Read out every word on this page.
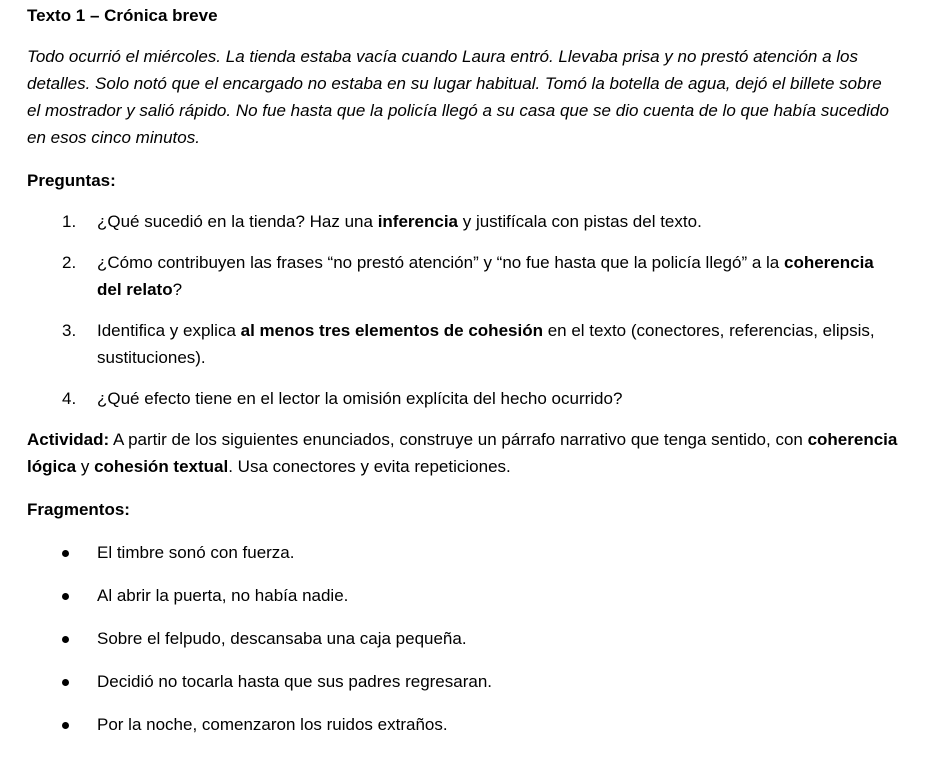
Texto 1 – Crónica breve

Todo ocurrió el miércoles. La tienda estaba vacía cuando Laura entró. Llevaba prisa y no prestó atención a los detalles. Solo notó que el encargado no estaba en su lugar habitual. Tomó la botella de agua, dejó el billete sobre el mostrador y salió rápido. No fue hasta que la policía llegó a su casa que se dio cuenta de lo que había sucedido en esos cinco minutos.

Preguntas:

1. ¿Qué sucedió en la tienda? Haz una inferencia y justifícala con pistas del texto.
2. ¿Cómo contribuyen las frases “no prestó atención” y “no fue hasta que la policía llegó” a la coherencia del relato?
3. Identifica y explica al menos tres elementos de cohesión en el texto (conectores, referencias, elipsis, sustituciones).
4. ¿Qué efecto tiene en el lector la omisión explícita del hecho ocurrido?

Actividad: A partir de los siguientes enunciados, construye un párrafo narrativo que tenga sentido, con coherencia lógica y cohesión textual. Usa conectores y evita repeticiones.

Fragmentos:

El timbre sonó con fuerza.
Al abrir la puerta, no había nadie.
Sobre el felpudo, descansaba una caja pequeña.
Decidió no tocarla hasta que sus padres regresaran.
Por la noche, comenzaron los ruidos extraños.
